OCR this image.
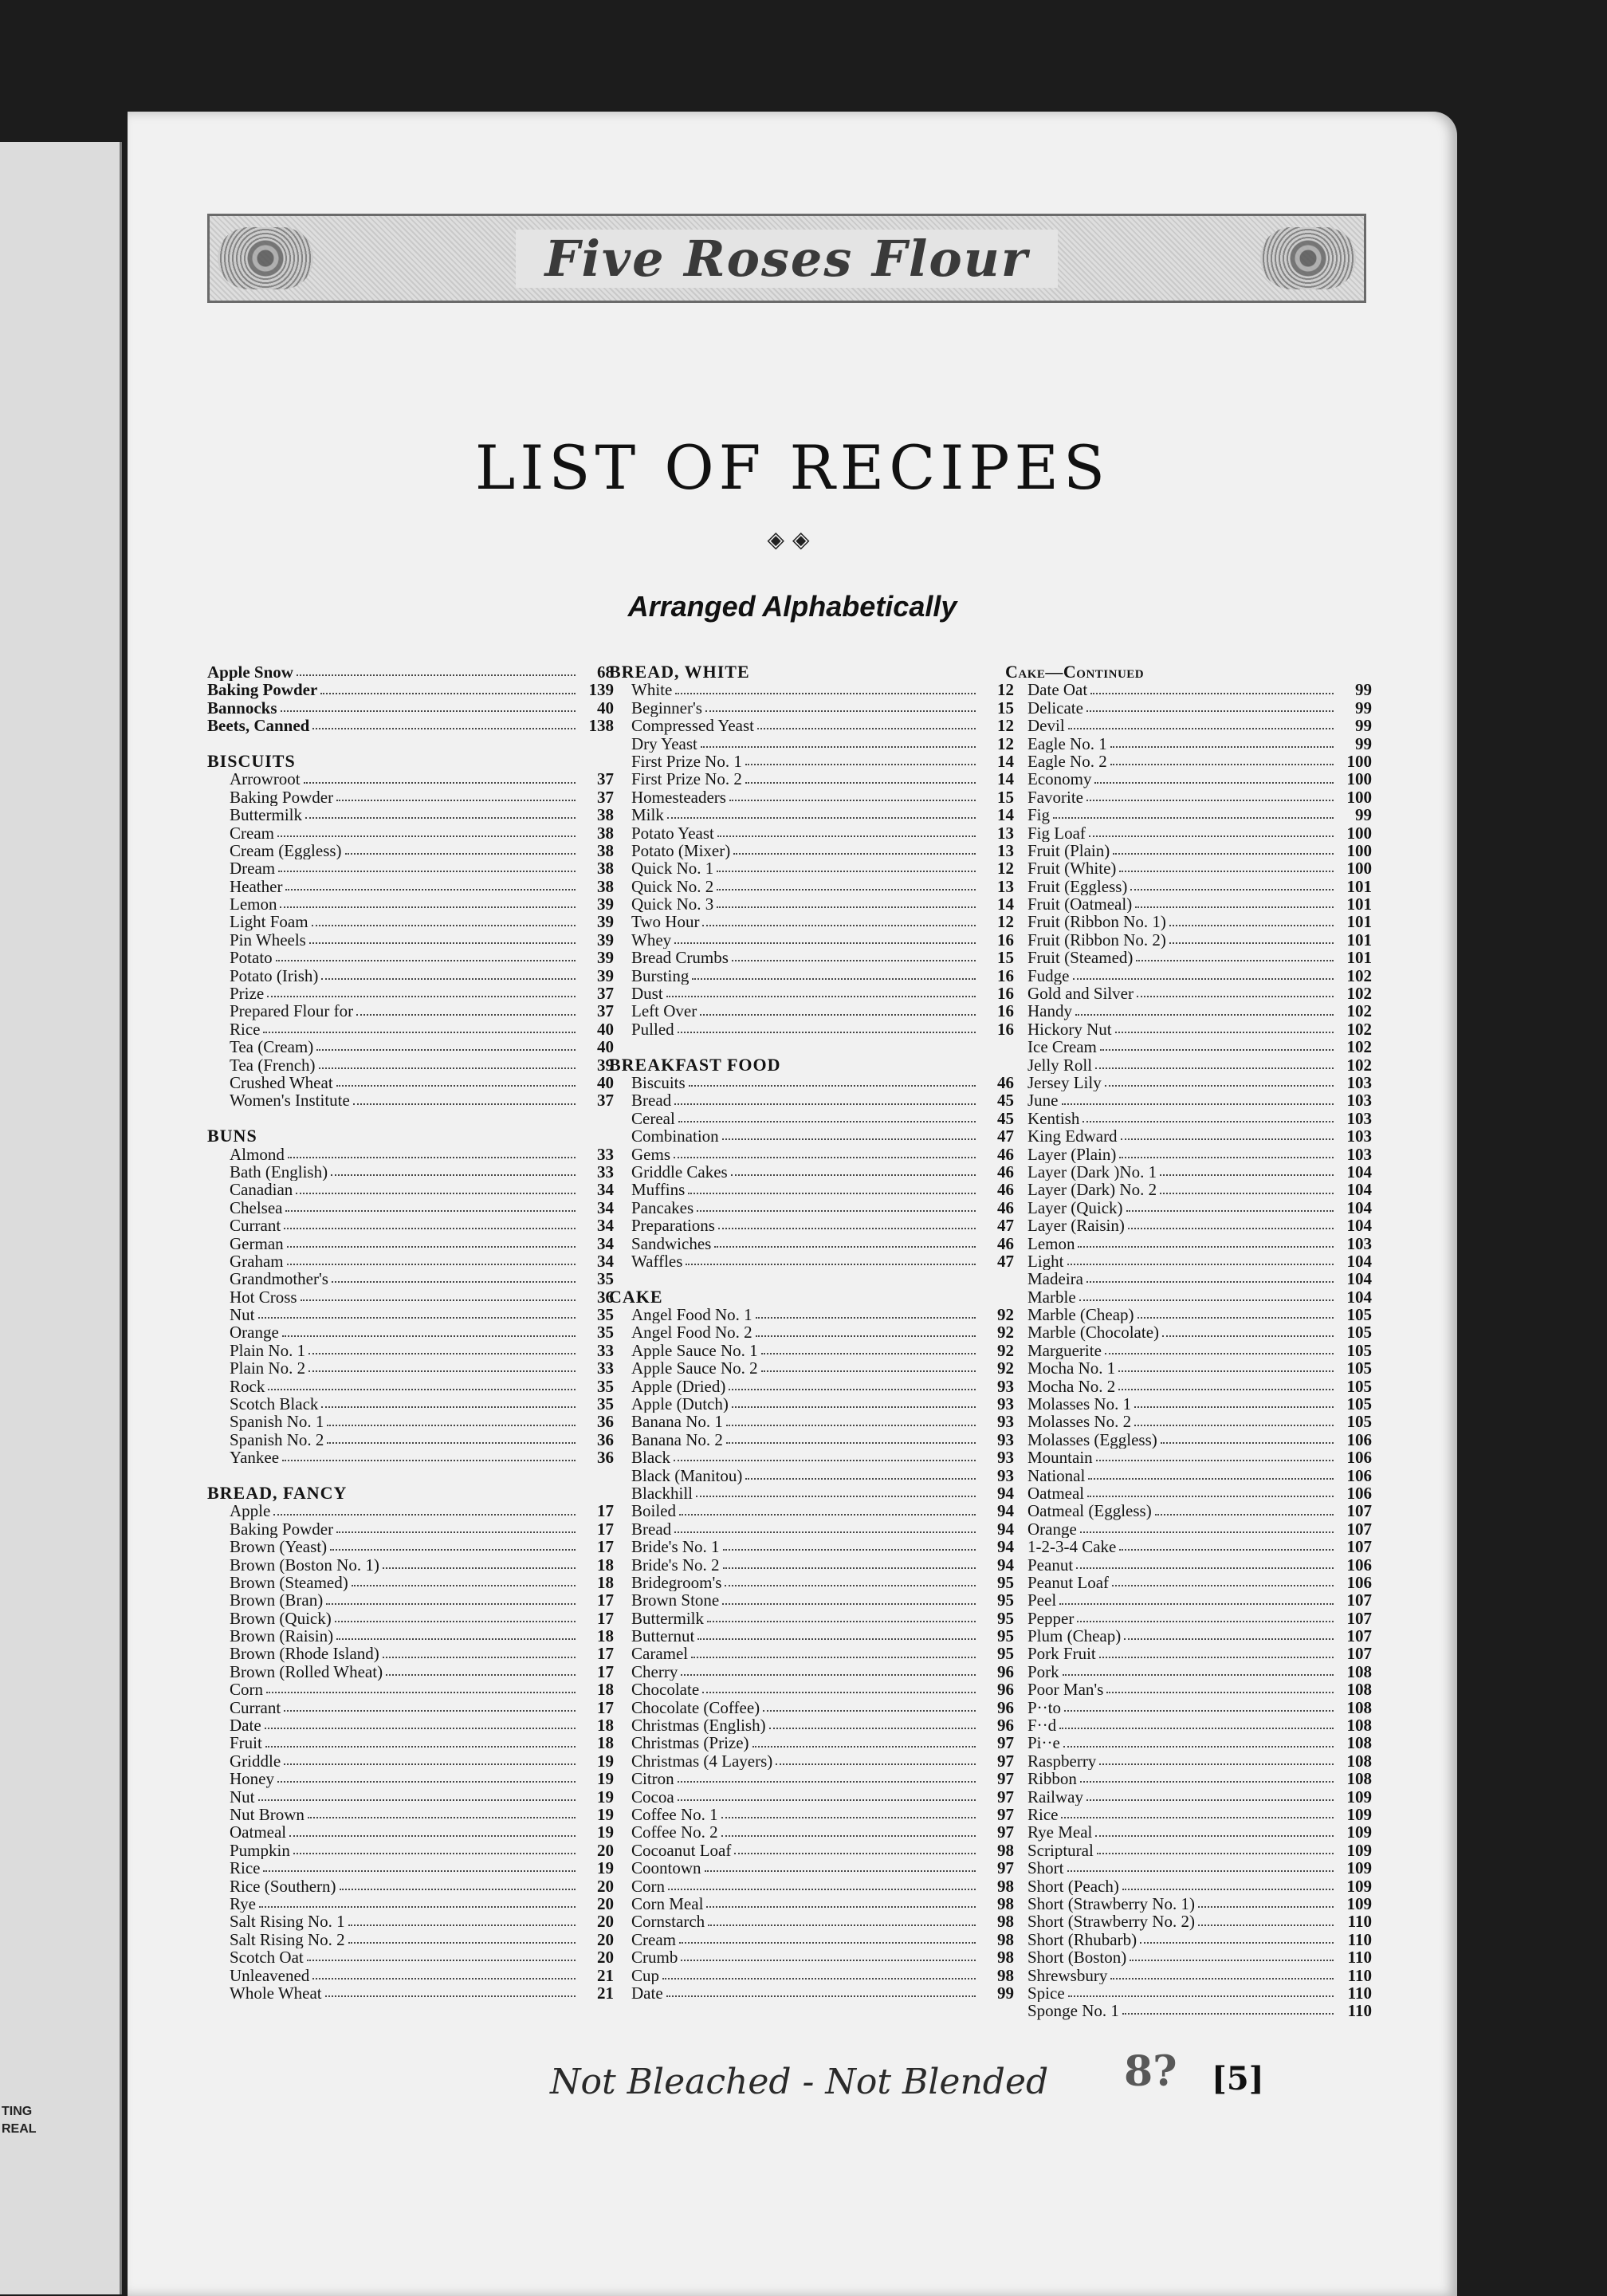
TING
REAL
Five Roses Flour
LIST OF RECIPES
◈◈
Arranged Alphabetically
Apple Snow	68
Baking Powder	139
Bannocks	40
Beets, Canned	138
BISCUITS
Arrowroot	37
Baking Powder	37
Buttermilk	38
Cream	38
Cream (Eggless)	38
Dream	38
Heather	38
Lemon	39
Light Foam	39
Pin Wheels	39
Potato	39
Potato (Irish)	39
Prize	37
Prepared Flour for	37
Rice	40
Tea (Cream)	40
Tea (French)	39
Crushed Wheat	40
Women's Institute	37
BUNS
Almond	33
Bath (English)	33
Canadian	34
Chelsea	34
Currant	34
German	34
Graham	34
Grandmother's	35
Hot Cross	36
Nut	35
Orange	35
Plain No. 1	33
Plain No. 2	33
Rock	35
Scotch Black	35
Spanish No. 1	36
Spanish No. 2	36
Yankee	36
BREAD, FANCY
Apple	17
Baking Powder	17
Brown (Yeast)	17
Brown (Boston No. 1)	18
Brown (Steamed)	18
Brown (Bran)	17
Brown (Quick)	17
Brown (Raisin)	18
Brown (Rhode Island)	17
Brown (Rolled Wheat)	17
Corn	18
Currant	17
Date	18
Fruit	18
Griddle	19
Honey	19
Nut	19
Nut Brown	19
Oatmeal	19
Pumpkin	20
Rice	19
Rice (Southern)	20
Rye	20
Salt Rising No. 1	20
Salt Rising No. 2	20
Scotch Oat	20
Unleavened	21
Whole Wheat	21
BREAD, WHITE
White	12
Beginner's	15
Compressed Yeast	12
Dry Yeast	12
First Prize No. 1	14
First Prize No. 2	14
Homesteaders	15
Milk	14
Potato Yeast	13
Potato (Mixer)	13
Quick No. 1	12
Quick No. 2	13
Quick No. 3	14
Two Hour	12
Whey	16
Bread Crumbs	15
Bursting	16
Dust	16
Left Over	16
Pulled	16
BREAKFAST FOOD
Biscuits	46
Bread	45
Cereal	45
Combination	47
Gems	46
Griddle Cakes	46
Muffins	46
Pancakes	46
Preparations	47
Sandwiches	46
Waffles	47
CAKE
Angel Food No. 1	92
Angel Food No. 2	92
Apple Sauce No. 1	92
Apple Sauce No. 2	92
Apple (Dried)	93
Apple (Dutch)	93
Banana No. 1	93
Banana No. 2	93
Black	93
Black (Manitou)	93
Blackhill	94
Boiled	94
Bread	94
Bride's No. 1	94
Bride's No. 2	94
Bridegroom's	95
Brown Stone	95
Buttermilk	95
Butternut	95
Caramel	95
Cherry	96
Chocolate	96
Chocolate (Coffee)	96
Christmas (English)	96
Christmas (Prize)	97
Christmas (4 Layers)	97
Citron	97
Cocoa	97
Coffee No. 1	97
Coffee No. 2	97
Cocoanut Loaf	98
Coontown	97
Corn	98
Corn Meal	98
Cornstarch	98
Cream	98
Crumb	98
Cup	98
Date	99
Cake—Continued
Date Oat	99
Delicate	99
Devil	99
Eagle No. 1	99
Eagle No. 2	100
Economy	100
Favorite	100
Fig	99
Fig Loaf	100
Fruit (Plain)	100
Fruit (White)	100
Fruit (Eggless)	101
Fruit (Oatmeal)	101
Fruit (Ribbon No. 1)	101
Fruit (Ribbon No. 2)	101
Fruit (Steamed)	101
Fudge	102
Gold and Silver	102
Handy	102
Hickory Nut	102
Ice Cream	102
Jelly Roll	102
Jersey Lily	103
June	103
Kentish	103
King Edward	103
Layer (Plain)	103
Layer (Dark )No. 1	104
Layer (Dark) No. 2	104
Layer (Quick)	104
Layer (Raisin)	104
Lemon	103
Light	104
Madeira	104
Marble	104
Marble (Cheap)	105
Marble (Chocolate)	105
Marguerite	105
Mocha No. 1	105
Mocha No. 2	105
Molasses No. 1	105
Molasses No. 2	105
Molasses (Eggless)	106
Mountain	106
National	106
Oatmeal	106
Oatmeal (Eggless)	107
Orange	107
1-2-3-4 Cake	107
Peanut	106
Peanut Loaf	106
Peel	107
Pepper	107
Plum (Cheap)	107
Pork Fruit	107
Pork	108
Poor Man's	108
P··to	108
F··d	108
Pi··e	108
Raspberry	108
Ribbon	108
Railway	109
Rice	109
Rye Meal	109
Scriptural	109
Short	109
Short (Peach)	109
Short (Strawberry No. 1)	109
Short (Strawberry No. 2)	110
Short (Rhubarb)	110
Short (Boston)	110
Shrewsbury	110
Spice	110
Sponge No. 1	110
Not Bleached - Not Blended 8? [5]
